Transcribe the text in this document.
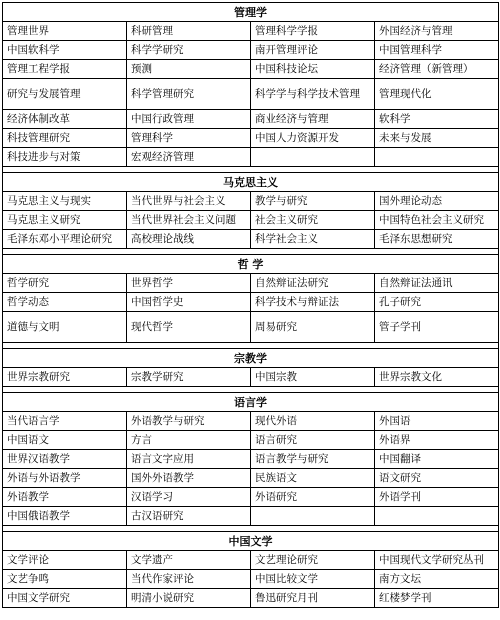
管理学			
管理世界	科研管理	管理科学学报	外国经济与管理
中国软科学	科学学研究	南开管理评论	中国管理科学
管理工程学报	预测	中国科技论坛	经济管理（新管理）
研究与发展管理	科学管理研究	科学学与科学技术管理	管理现代化
经济体制改革	中国行政管理	商业经济与管理	软科学
科技管理研究	管理科学	中国人力资源开发	未来与发展
科技进步与对策	宏观经济管理		

马克思主义			
马克思主义与现实	当代世界与社会主义	教学与研究	国外理论动态
马克思主义研究	当代世界社会主义问题	社会主义研究	中国特色社会主义研究
毛泽东邓小平理论研究	高校理论战线	科学社会主义	毛泽东思想研究

哲 学			
哲学研究	世界哲学	自然辩证法研究	自然辩证法通讯
哲学动态	中国哲学史	科学技术与辩证法	孔子研究
道德与文明	现代哲学	周易研究	管子学刊

宗教学			
世界宗教研究	宗教学研究	中国宗教	世界宗教文化

语言学			
当代语言学	外语教学与研究	现代外语	外国语
中国语文	方言	语言研究	外语界
世界汉语教学	语言文字应用	语言教学与研究	中国翻译
外语与外语教学	国外外语教学	民族语文	语文研究
外语教学	汉语学习	外语研究	外语学刊
中国俄语教学	古汉语研究		

中国文学			
文学评论	文学遗产	文艺理论研究	中国现代文学研究丛刊
文艺争鸣	当代作家评论	中国比较文学	南方文坛
中国文学研究	明清小说研究	鲁迅研究月刊	红楼梦学刊
